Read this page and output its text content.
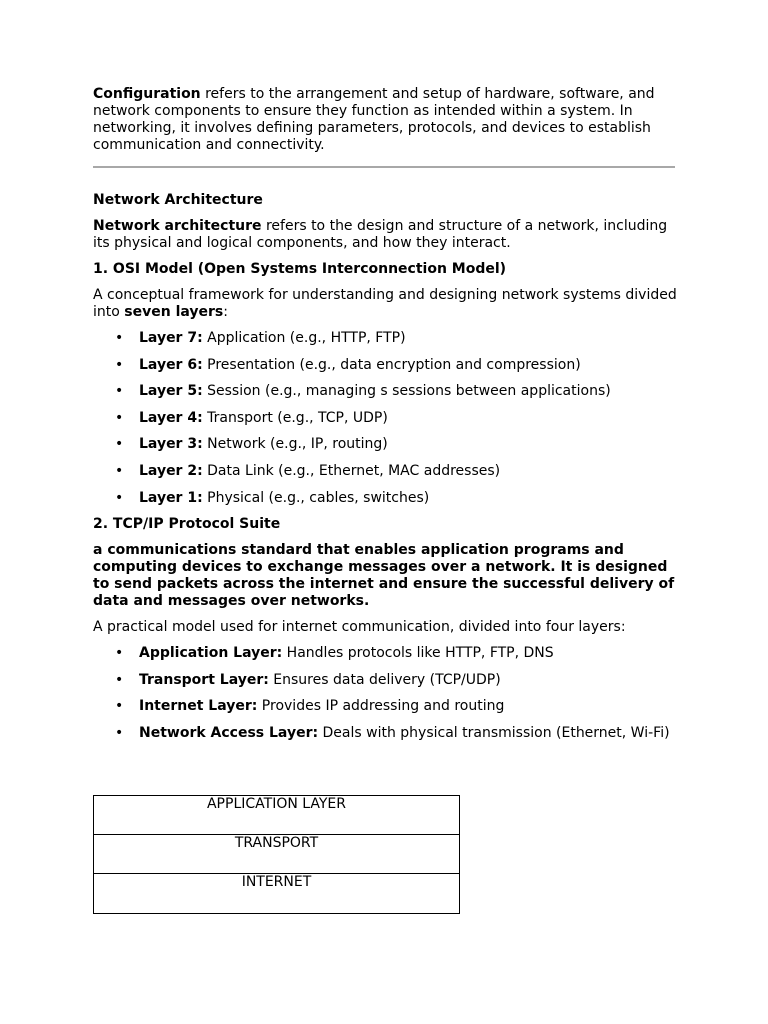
Configuration refers to the arrangement and setup of hardware, software, and network components to ensure they function as intended within a system. In networking, it involves defining parameters, protocols, and devices to establish communication and connectivity.

Network Architecture

Network architecture refers to the design and structure of a network, including its physical and logical components, and how they interact.

1. OSI Model (Open Systems Interconnection Model)

A conceptual framework for understanding and designing network systems divided into seven layers:

• Layer 7: Application (e.g., HTTP, FTP)
• Layer 6: Presentation (e.g., data encryption and compression)
• Layer 5: Session (e.g., managing s sessions between applications)
• Layer 4: Transport (e.g., TCP, UDP)
• Layer 3: Network (e.g., IP, routing)
• Layer 2: Data Link (e.g., Ethernet, MAC addresses)
• Layer 1: Physical (e.g., cables, switches)

2. TCP/IP Protocol Suite

a communications standard that enables application programs and computing devices to exchange messages over a network. It is designed to send packets across the internet and ensure the successful delivery of data and messages over networks.

A practical model used for internet communication, divided into four layers:

• Application Layer: Handles protocols like HTTP, FTP, DNS
• Transport Layer: Ensures data delivery (TCP/UDP)
• Internet Layer: Provides IP addressing and routing
• Network Access Layer: Deals with physical transmission (Ethernet, Wi-Fi)
APPLICATION LAYER
TRANSPORT
INTERNET
